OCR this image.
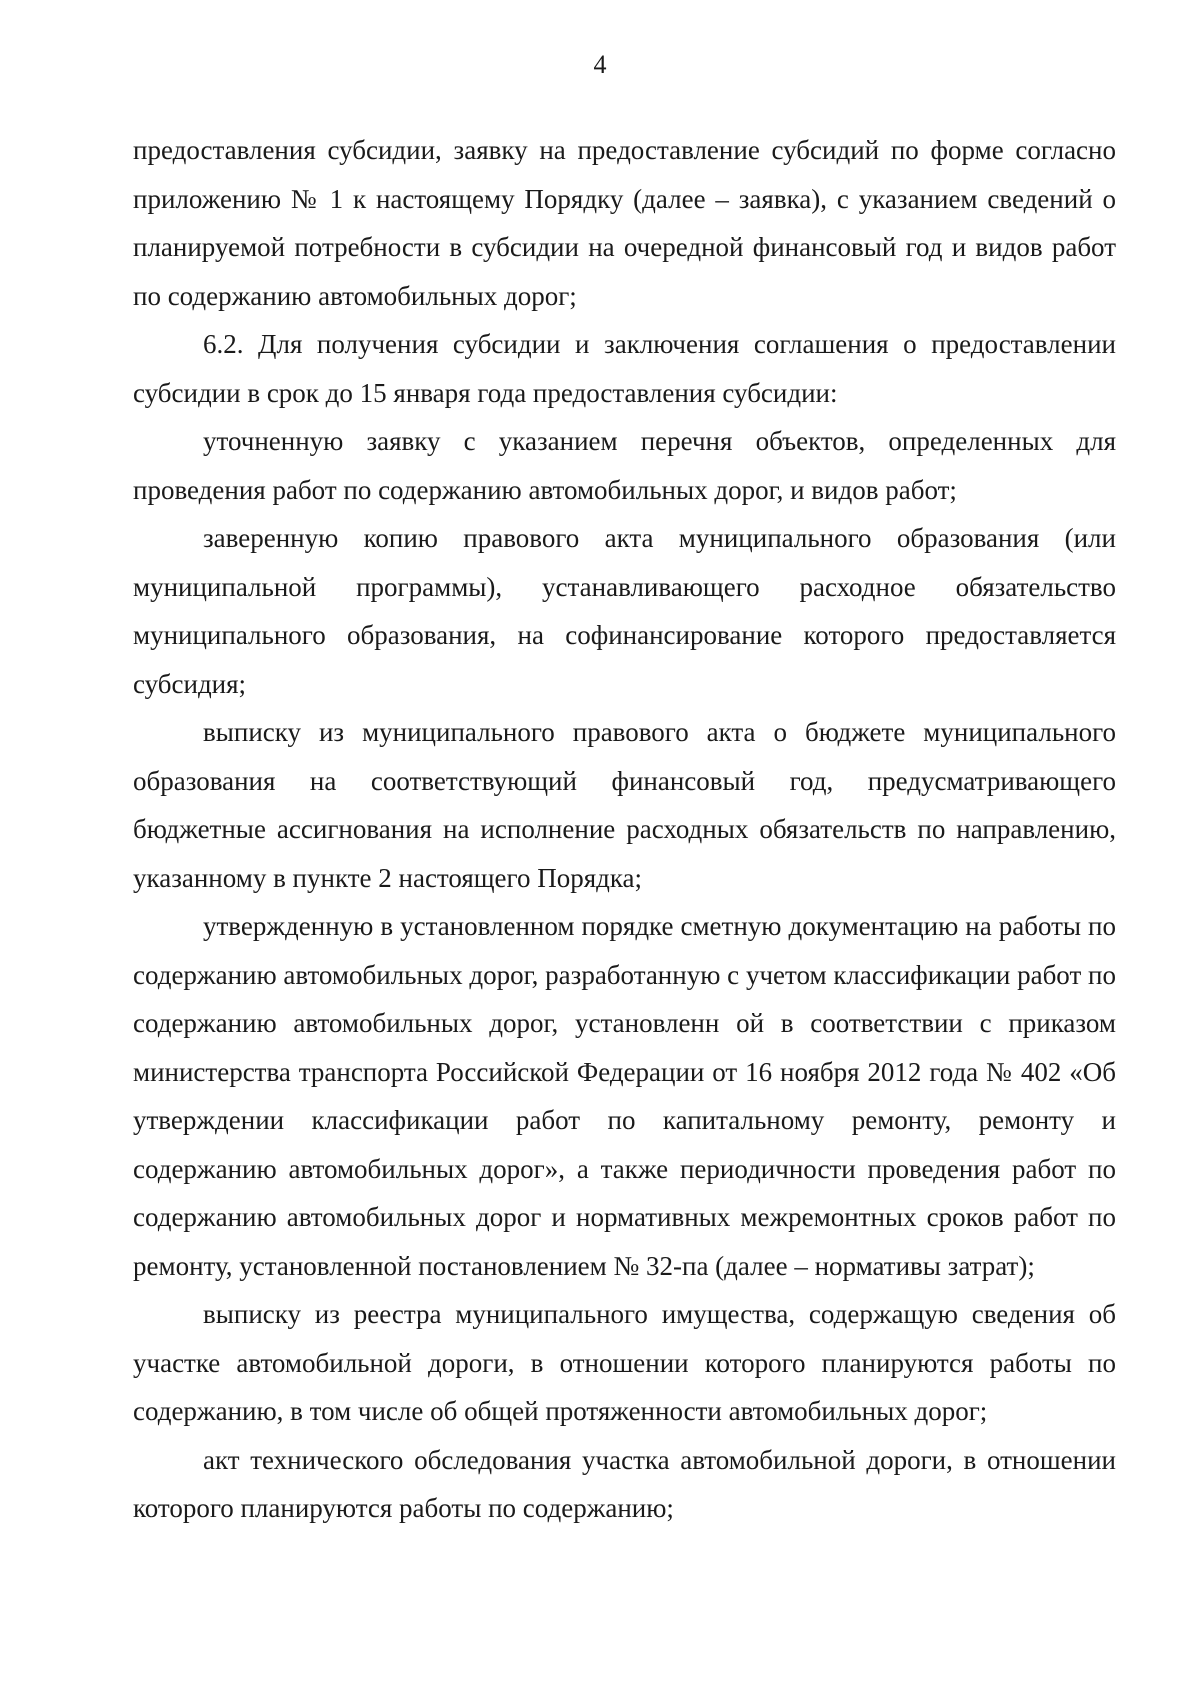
4

предоставления субсидии, заявку на предоставление субсидий по форме согласно приложению № 1 к настоящему Порядку (далее – заявка), с указанием сведений о планируемой потребности в субсидии на очередной финансовый год и видов работ по содержанию автомобильных дорог;

6.2. Для получения субсидии и заключения соглашения о предоставлении субсидии в срок до 15 января года предоставления субсидии:

уточненную заявку с указанием перечня объектов, определенных для проведения работ по содержанию автомобильных дорог, и видов работ;

заверенную копию правового акта муниципального образования (или муниципальной программы), устанавливающего расходное обязательство муниципального образования, на софинансирование которого предоставляется субсидия;

выписку из муниципального правового акта о бюджете муниципального образования на соответствующий финансовый год, предусматривающего бюджетные ассигнования на исполнение расходных обязательств по направлению, указанному в пункте 2 настоящего Порядка;

утвержденную в установленном порядке сметную документацию на работы по содержанию автомобильных дорог, разработанную с учетом классификации работ по содержанию автомобильных дорог, установленн ой в соответствии с приказом министерства транспорта Российской Федерации от 16 ноября 2012 года № 402 «Об утверждении классификации работ по капитальному ремонту, ремонту и содержанию автомобильных дорог», а также периодичности проведения работ по содержанию автомобильных дорог и нормативных межремонтных сроков работ по ремонту, установленной постановлением № 32-па (далее – нормативы затрат);

выписку из реестра муниципального имущества, содержащую сведения об участке автомобильной дороги, в отношении которого планируются работы по содержанию, в том числе об общей протяженности автомобильных дорог;

акт технического обследования участка автомобильной дороги, в отношении которого планируются работы по содержанию;
